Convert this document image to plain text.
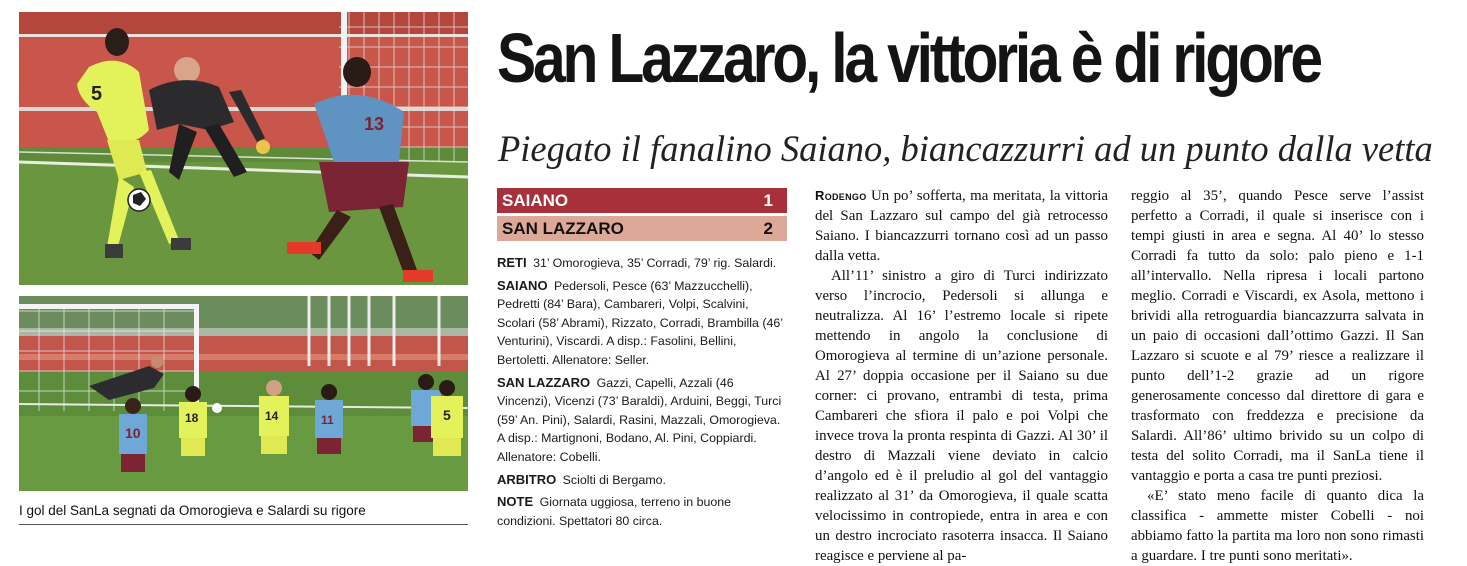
5
13
10
18	14	11	5
I gol del SanLa segnati da Omorogieva e Salardi su rigore
San Lazzaro, la vittoria è di rigore
Piegato il fanalino Saiano, biancazzurri ad un punto dalla vetta
SAIANO	1
SAN LAZZARO	2

RETI 31’ Omorogieva, 35’ Corradi, 79’ rig. Salardi.

SAIANO Pedersoli, Pesce (63’ Mazzucchelli), Pedretti (84’ Bara), Cambareri, Volpi, Scalvini, Scolari (58’ Abrami), Rizzato, Corradi, Brambilla (46’ Venturini), Viscardi. A disp.: Fasolini, Bellini, Bertoletti. Allenatore: Seller.

SAN LAZZARO Gazzi, Capelli, Azzali (46 Vincenzi), Vicenzi (73’ Baraldi), Arduini, Beggi, Turci (59’ An. Pini), Salardi, Rasini, Mazzali, Omorogieva. A disp.: Martignoni, Bodano, Al. Pini, Coppiardi. Allenatore: Cobelli.

ARBITRO Sciolti di Bergamo.

NOTE Giornata uggiosa, terreno in buone condizioni. Spettatori 80 circa.

Rodengo Un po’ sofferta, ma meritata, la vittoria del San Lazzaro sul campo del già retrocesso Saiano. I biancazzurri tornano così ad un passo dalla vetta.

All’11’ sinistro a giro di Turci indirizzato verso l’incrocio, Pedersoli si allunga e neutralizza. Al 16’ l’estremo locale si ripete mettendo in angolo la conclusione di Omorogieva al termine di un’azione personale. Al 27’ doppia occasione per il Saiano su due corner: ci provano, entrambi di testa, prima Cambareri che sfiora il palo e poi Volpi che invece trova la pronta respinta di Gazzi. Al 30’ il destro di Mazzali viene deviato in calcio d’angolo ed è il preludio al gol del vantaggio realizzato al 31’ da Omorogieva, il quale scatta velocissimo in contropiede, entra in area e con un destro incrociato rasoterra insacca. Il Saiano reagisce e perviene al pa-

reggio al 35’, quando Pesce serve l’assist perfetto a Corradi, il quale si inserisce con i tempi giusti in area e segna. Al 40’ lo stesso Corradi fa tutto da solo: palo pieno e 1-1 all’intervallo. Nella ripresa i locali partono meglio. Corradi e Viscardi, ex Asola, mettono i brividi alla retroguardia biancazzurra salvata in un paio di occasioni dall’ottimo Gazzi. Il San Lazzaro si scuote e al 79’ riesce a realizzare il punto dell’1-2 grazie ad un rigore generosamente concesso dal direttore di gara e trasformato con freddezza e precisione da Salardi. All’86’ ultimo brivido su un colpo di testa del solito Corradi, ma il SanLa tiene il vantaggio e porta a casa tre punti preziosi.

«E’ stato meno facile di quanto dica la classifica - ammette mister Cobelli - noi abbiamo fatto la partita ma loro non sono rimasti a guardare. I tre punti sono meritati».
